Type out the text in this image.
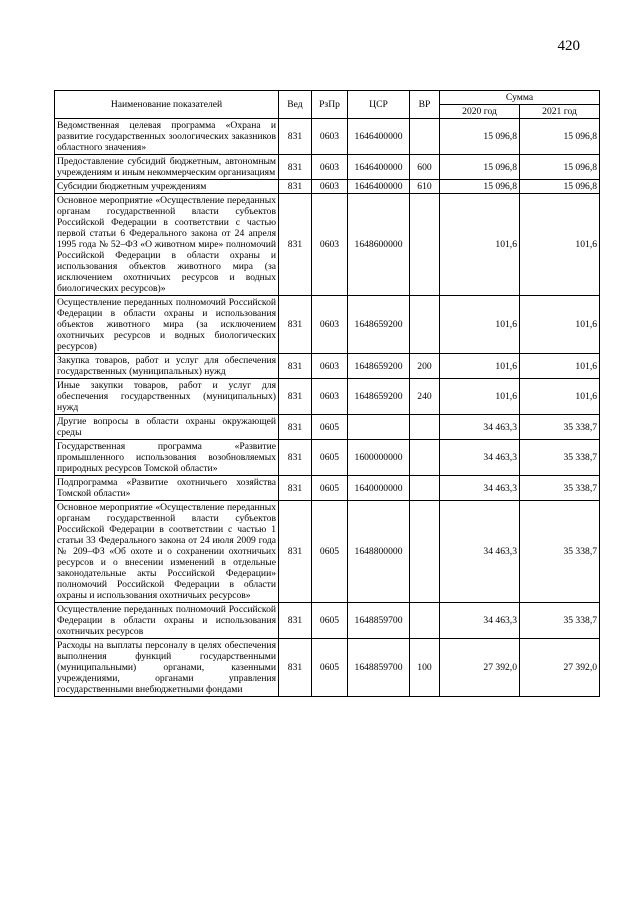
420
Наименование показателей	Вед	РзПр	ЦСР	ВР	Сумма	
					2020 год	2021 год
Ведомственная целевая программа «Охрана и развитие государственных зоологических заказников областного значения»	831	0603	1646400000		15 096,8	15 096,8
Предоставление субсидий бюджетным, автономным учреждениям и иным некоммерческим организациям	831	0603	1646400000	600	15 096,8	15 096,8
Субсидии бюджетным учреждениям	831	0603	1646400000	610	15 096,8	15 096,8
Основное мероприятие «Осуществление переданных органам государственной власти субъектов Российской Федерации в соответствии с частью первой статьи 6 Федерального закона от 24 апреля 1995 года № 52–ФЗ «О животном мире» полномочий Российской Федерации в области охраны и использования объектов животного мира (за исключением охотничьих ресурсов и водных биологических ресурсов)»	831	0603	1648600000		101,6	101,6
Осуществление переданных полномочий Российской Федерации в области охраны и использования объектов животного мира (за исключением охотничьих ресурсов и водных биологических ресурсов)	831	0603	1648659200		101,6	101,6
Закупка товаров, работ и услуг для обеспечения государственных (муниципальных) нужд	831	0603	1648659200	200	101,6	101,6
Иные закупки товаров, работ и услуг для обеспечения государственных (муниципальных) нужд	831	0603	1648659200	240	101,6	101,6
Другие вопросы в области охраны окружающей среды	831	0605			34 463,3	35 338,7
Государственная программа «Развитие промышленного использования возобновляемых природных ресурсов Томской области»	831	0605	1600000000		34 463,3	35 338,7
Подпрограмма «Развитие охотничьего хозяйства Томской области»	831	0605	1640000000		34 463,3	35 338,7
Основное мероприятие «Осуществление переданных органам государственной власти субъектов Российской Федерации в соответствии с частью 1 статьи 33 Федерального закона от 24 июля 2009 года № 209–ФЗ «Об охоте и о сохранении охотничьих ресурсов и о внесении изменений в отдельные законодательные акты Российской Федерации» полномочий Российской Федерации в области охраны и использования охотничьих ресурсов»	831	0605	1648800000		34 463,3	35 338,7
Осуществление переданных полномочий Российской Федерации в области охраны и использования охотничьих ресурсов	831	0605	1648859700		34 463,3	35 338,7
Расходы на выплаты персоналу в целях обеспечения выполнения функций государственными (муниципальными) органами, казенными учреждениями, органами управления государственными внебюджетными фондами	831	0605	1648859700	100	27 392,0	27 392,0
